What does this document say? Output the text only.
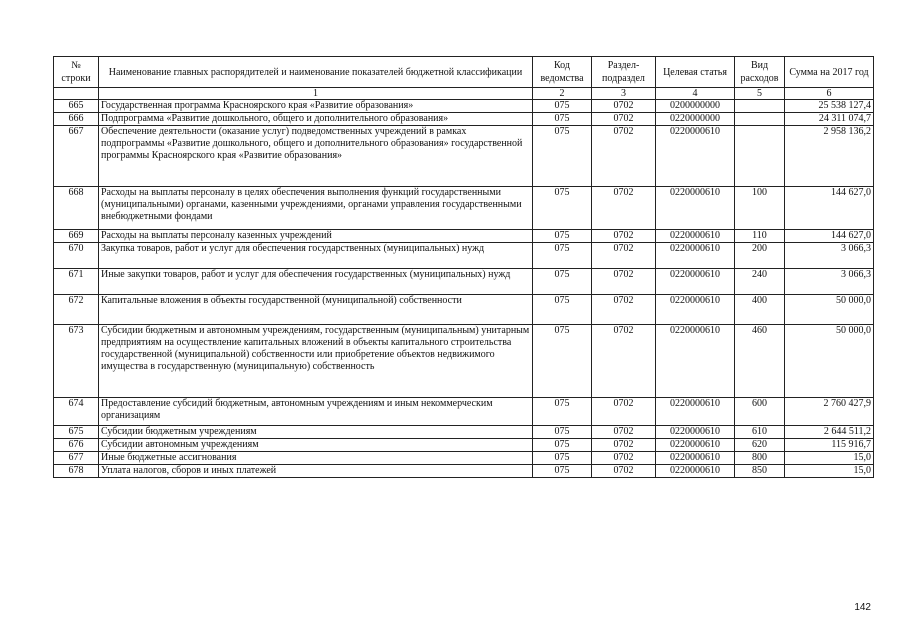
№ строки	Наименование главных распорядителей и наименование показателей бюджетной классификации	Код ведомства	Раздел-подраздел	Целевая статья	Вид расходов	Сумма на 2017 год
	1	2	3	4	5	6
665	Государственная программа Красноярского края «Развитие образования»	075	0702	0200000000		25 538 127,4
666	Подпрограмма «Развитие дошкольного, общего и дополнительного образования»	075	0702	0220000000		24 311 074,7
667	Обеспечение деятельности (оказание услуг) подведомственных учреждений в рамках подпрограммы «Развитие дошкольного, общего и дополнительного образования» государственной программы Красноярского края «Развитие образования»	075	0702	0220000610		2 958 136,2
668	Расходы на выплаты персоналу в целях обеспечения выполнения функций государственными (муниципальными) органами, казенными учреждениями, органами управления государственными внебюджетными фондами	075	0702	0220000610	100	144 627,0
669	Расходы на выплаты персоналу казенных учреждений	075	0702	0220000610	110	144 627,0
670	Закупка товаров, работ и услуг для обеспечения государственных (муниципальных) нужд	075	0702	0220000610	200	3 066,3
671	Иные закупки товаров, работ и услуг для обеспечения государственных (муниципальных) нужд	075	0702	0220000610	240	3 066,3
672	Капитальные вложения в объекты государственной (муниципальной) собственности	075	0702	0220000610	400	50 000,0
673	Субсидии бюджетным и автономным учреждениям, государственным (муниципальным) унитарным предприятиям на осуществление капитальных вложений в объекты капитального строительства государственной (муниципальной) собственности или приобретение объектов недвижимого имущества в государственную (муниципальную) собственность	075	0702	0220000610	460	50 000,0
674	Предоставление субсидий бюджетным, автономным учреждениям и иным некоммерческим организациям	075	0702	0220000610	600	2 760 427,9
675	Субсидии бюджетным учреждениям	075	0702	0220000610	610	2 644 511,2
676	Субсидии автономным учреждениям	075	0702	0220000610	620	115 916,7
677	Иные бюджетные ассигнования	075	0702	0220000610	800	15,0
678	Уплата налогов, сборов и иных платежей	075	0702	0220000610	850	15,0
142
